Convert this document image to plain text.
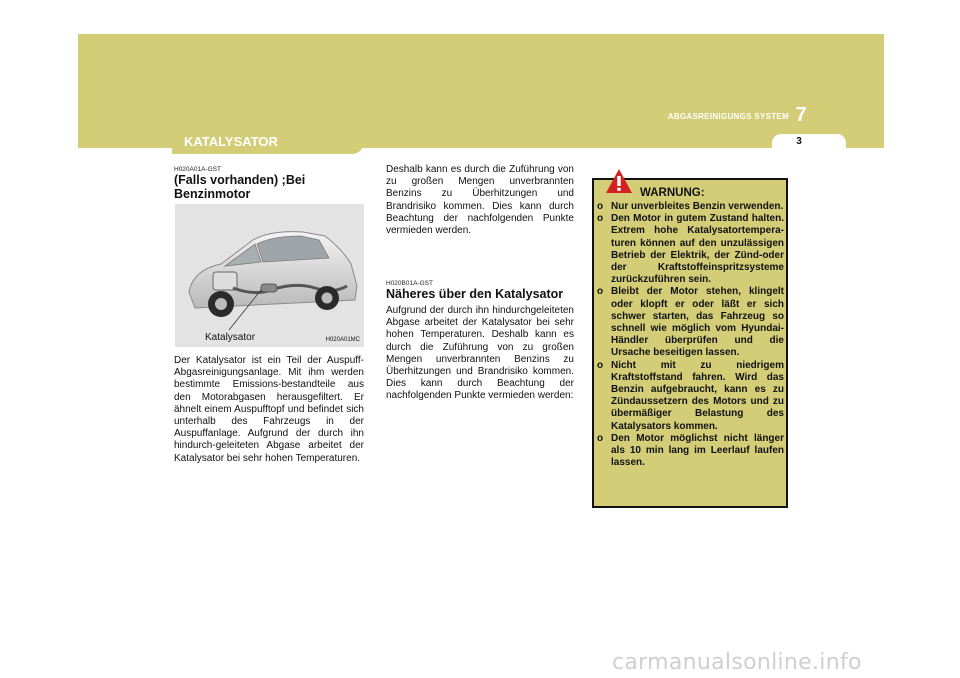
ABGASREINIGUNGS SYSTEM 7
3
KATALYSATOR
H020A01A-GST
(Falls vorhanden) ;Bei Benzinmotor
Katalysator	H020A01MC
Der Katalysator ist ein Teil der Auspuff-Abgasreinigungsanlage. Mit ihm werden bestimmte Emissions-bestandteile aus den Motorabgasen herausgefiltert. Er ähnelt einem Auspufftopf und befindet sich unterhalb des Fahrzeugs in der Auspuffanlage. Aufgrund der durch ihn hindurch-geleiteten Abgase arbeitet der Katalysator bei sehr hohen Temperaturen.
Deshalb kann es durch die Zuführung von zu großen Mengen unverbrannten Benzins zu Überhitzungen und Brandrisiko kommen. Dies kann durch Beachtung der nachfolgenden Punkte vermieden werden.
H020B01A-GST
Näheres über den Katalysator
Aufgrund der durch ihn hindurchgeleiteten Abgase arbeitet der Katalysator bei sehr hohen Temperaturen. Deshalb kann es durch die Zuführung von zu großen Mengen unverbrannten Benzins zu Überhitzungen und Brandrisiko kommen. Dies kann durch Beachtung der nachfolgenden Punkte vermieden werden:
WARNUNG:
o Nur unverbleites Benzin verwenden.
o Den Motor in gutem Zustand halten. Extrem hohe Katalysatortempera-turen können auf den unzulässigen Betrieb der Elektrik, der Zünd-oder der Kraftstoffeinspritzsysteme zurückzuführen sein.
o Bleibt der Motor stehen, klingelt oder klopft er oder läßt er sich schwer starten, das Fahrzeug so schnell wie möglich vom Hyundai-Händler überprüfen und die Ursache beseitigen lassen.
o Nicht mit zu niedrigem Kraftstoffstand fahren. Wird das Benzin aufgebraucht, kann es zu Zündaussetzern des Motors und zu übermäßiger Belastung des Katalysators kommen.
o Den Motor möglichst nicht länger als 10 min lang im Leerlauf laufen lassen.
carmanualsonline.info
